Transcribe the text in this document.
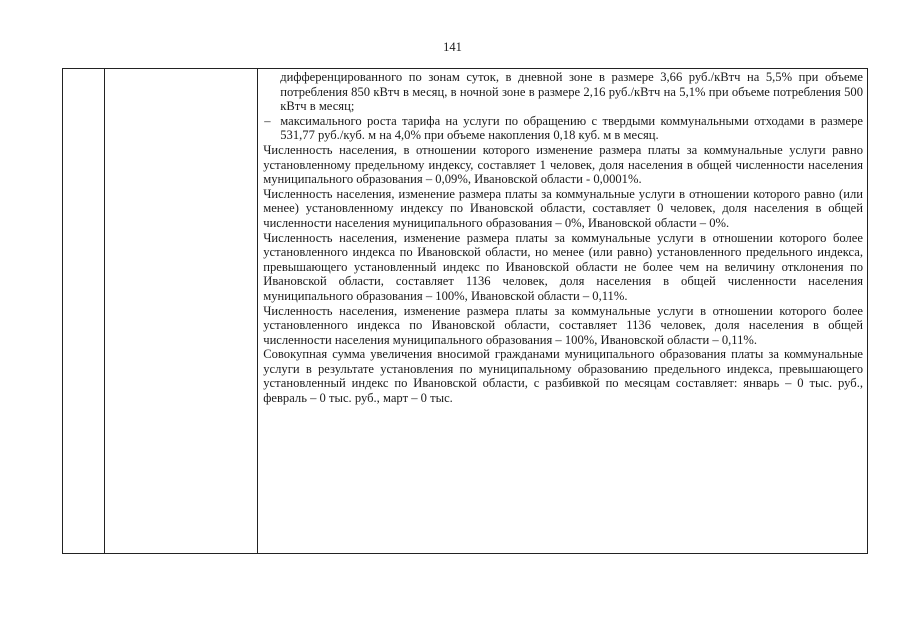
141

дифференцированного по зонам суток, в дневной зоне в размере 3,66 руб./кВтч на 5,5% при объеме потребления 850 кВтч в месяц, в ночной зоне в размере 2,16 руб./кВтч на 5,1% при объеме потребления 500 кВтч в месяц;

– максимального роста тарифа на услуги по обращению с твердыми коммунальными отходами в размере 531,77 руб./куб. м на 4,0% при объеме накопления 0,18 куб. м в месяц.

Численность населения, в отношении которого изменение размера платы за коммунальные услуги равно установленному предельному индексу, составляет 1 человек, доля населения в общей численности населения муниципального образования – 0,09%, Ивановской области - 0,0001%.

Численность населения, изменение размера платы за коммунальные услуги в отношении которого равно (или менее) установленному индексу по Ивановской области, составляет 0 человек, доля населения в общей численности населения муниципального образования – 0%, Ивановской области – 0%.

Численность населения, изменение размера платы за коммунальные услуги в отношении которого более установленного индекса по Ивановской области, но менее (или равно) установленного предельного индекса, превышающего установленный индекс по Ивановской области не более чем на величину отклонения по Ивановской области, составляет 1136 человек, доля населения в общей численности населения муниципального образования – 100%, Ивановской области – 0,11%.

Численность населения, изменение размера платы за коммунальные услуги в отношении которого более установленного индекса по Ивановской области, составляет 1136 человек, доля населения в общей численности населения муниципального образования – 100%, Ивановской области – 0,11%.

Совокупная сумма увеличения вносимой гражданами муниципального образования платы за коммунальные услуги в результате установления по муниципальному образованию предельного индекса, превышающего установленный индекс по Ивановской области, с разбивкой по месяцам составляет: январь – 0 тыс. руб., февраль – 0 тыс. руб., март – 0 тыс.
